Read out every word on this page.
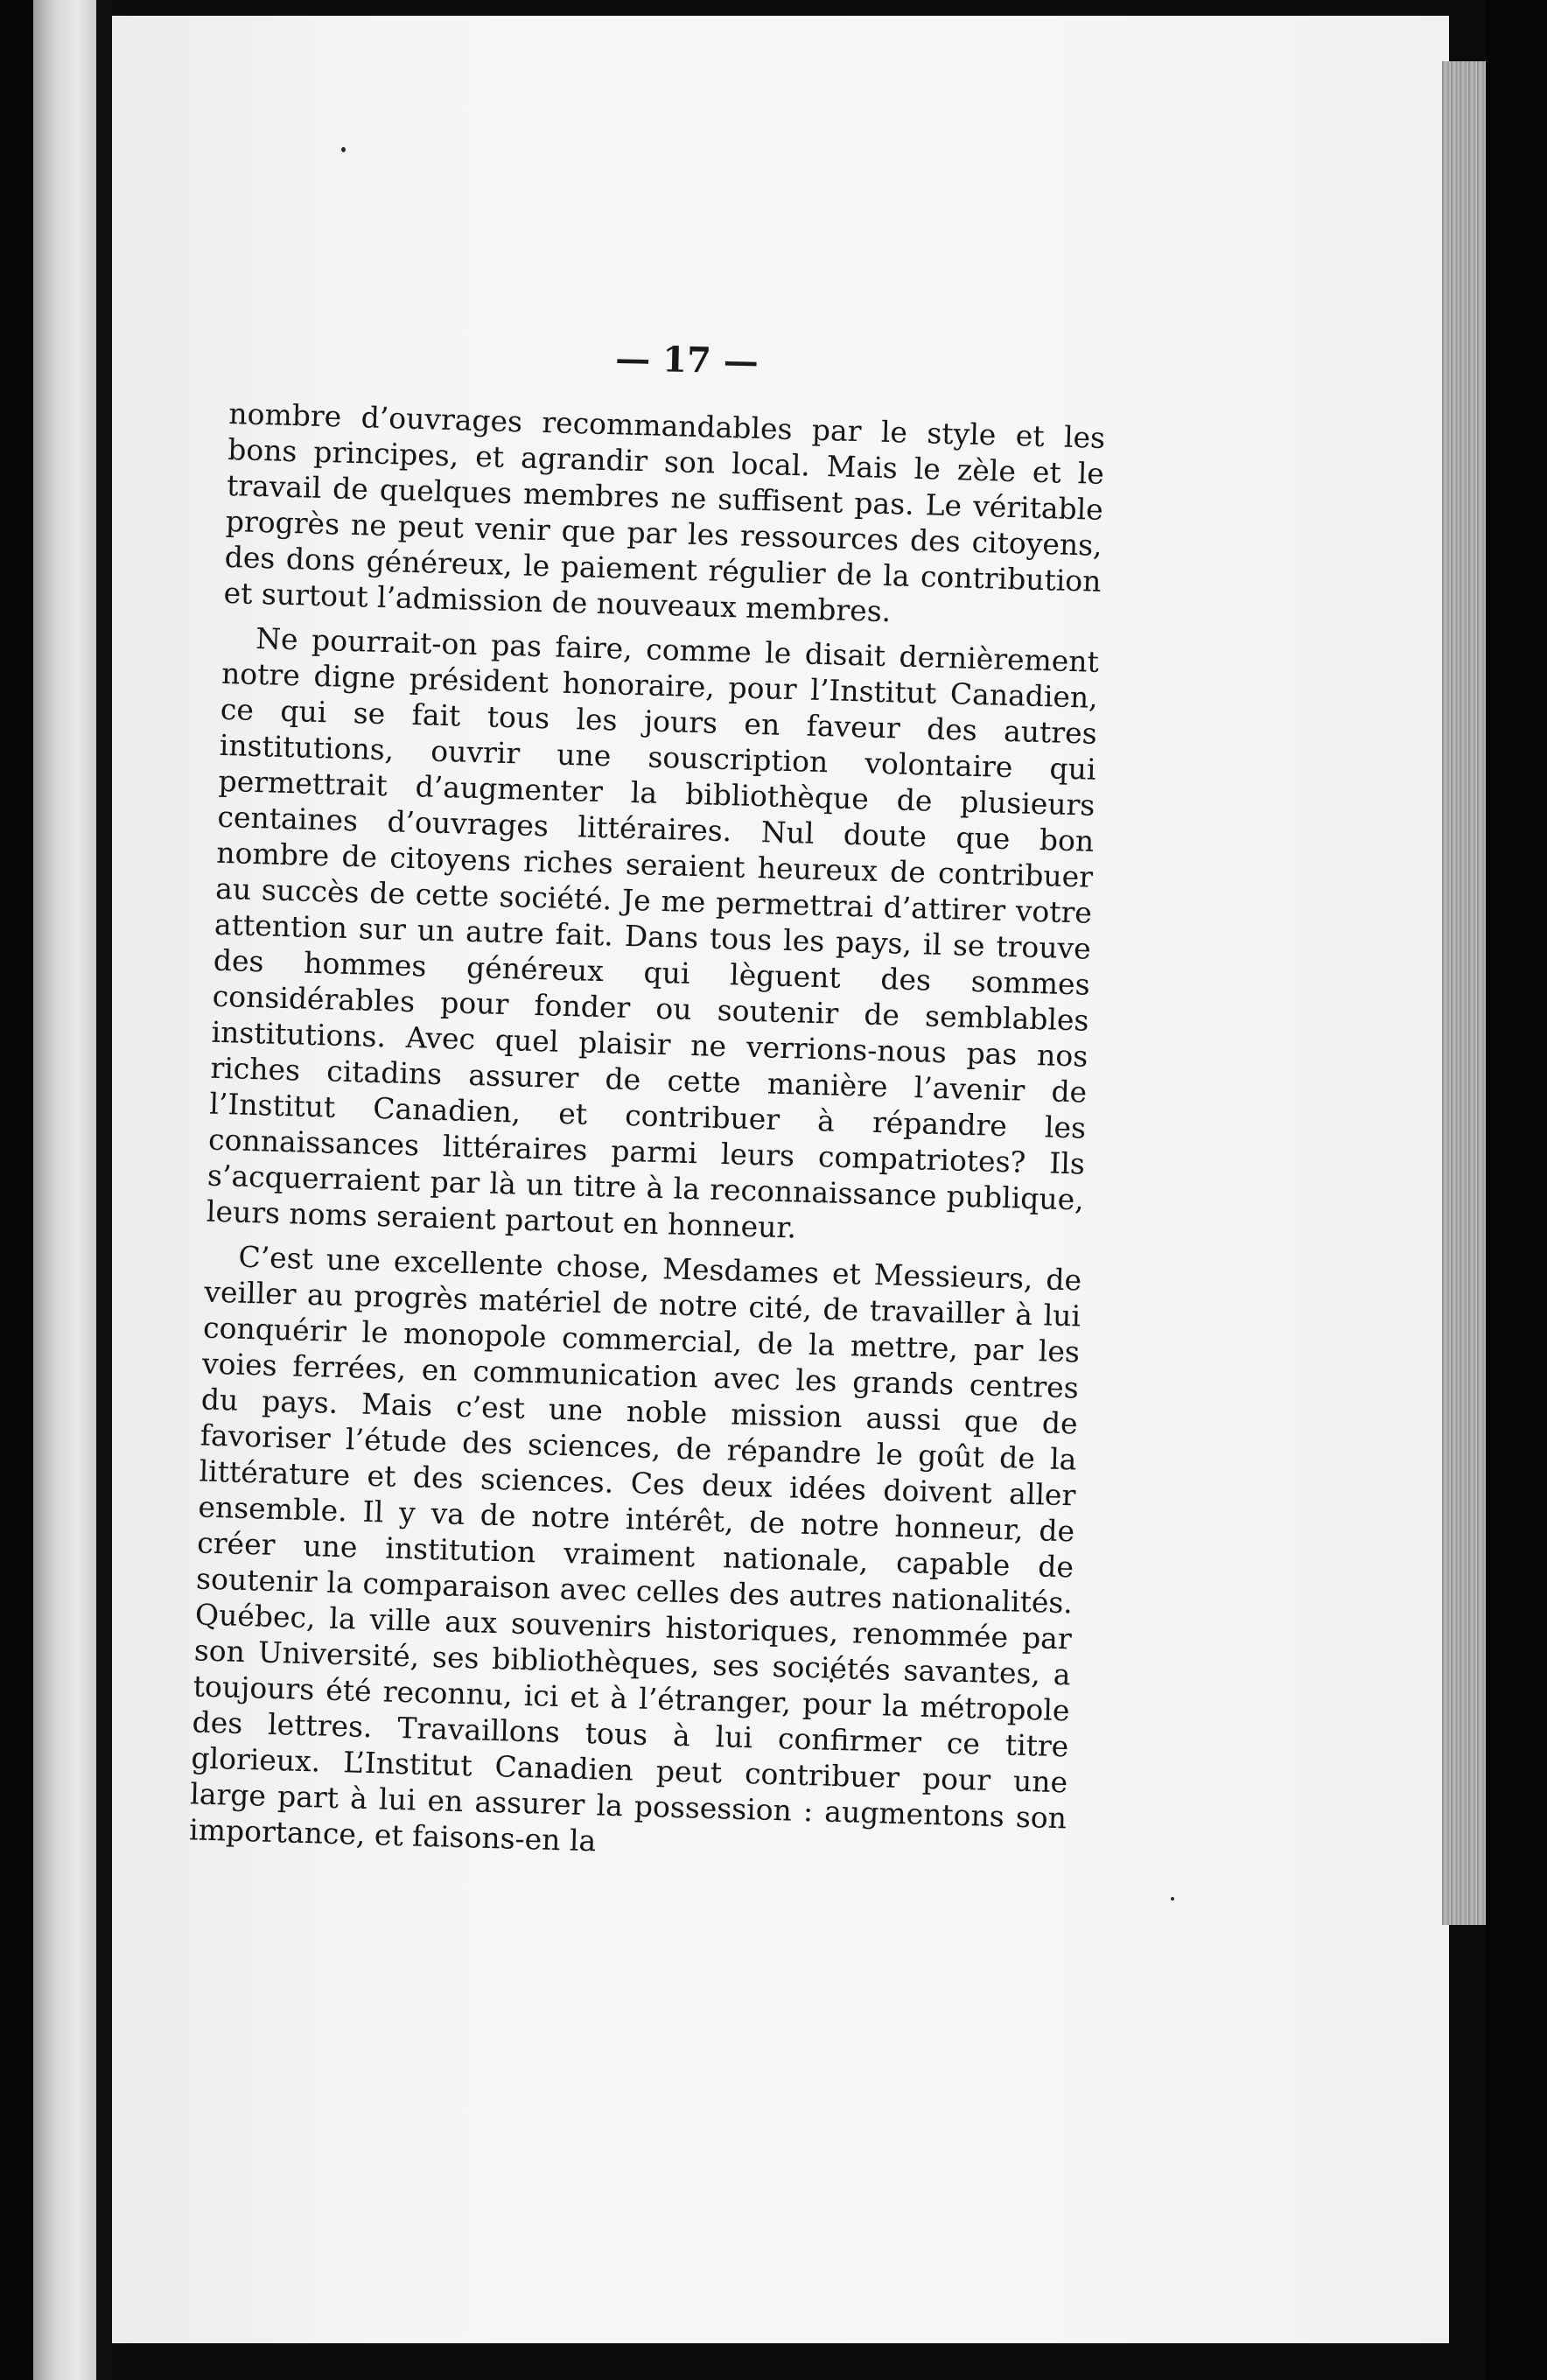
— 17 —

nombre d’ouvrages recommandables par le style et les bons principes, et agrandir son local. Mais le zèle et le travail de quelques membres ne suffisent pas. Le véritable progrès ne peut venir que par les ressources des citoyens, des dons généreux, le paiement régulier de la contribution et surtout l’admission de nouveaux membres.

Ne pourrait-on pas faire, comme le disait dernièrement notre digne président honoraire, pour l’Institut Canadien, ce qui se fait tous les jours en faveur des autres institutions, ouvrir une souscription volontaire qui permettrait d’augmenter la bibliothèque de plusieurs centaines d’ouvrages littéraires. Nul doute que bon nombre de citoyens riches seraient heureux de contribuer au succès de cette société. Je me permettrai d’attirer votre attention sur un autre fait. Dans tous les pays, il se trouve des hommes généreux qui lèguent des sommes considérables pour fonder ou soutenir de semblables institutions. Avec quel plaisir ne verrions-nous pas nos riches citadins assurer de cette manière l’avenir de l’Institut Canadien, et contribuer à répandre les connaissances littéraires parmi leurs compatriotes? Ils s’acquerraient par là un titre à la reconnaissance publique, leurs noms seraient partout en honneur.

C’est une excellente chose, Mesdames et Messieurs, de veiller au progrès matériel de notre cité, de travailler à lui conquérir le monopole commercial, de la mettre, par les voies ferrées, en communication avec les grands centres du pays. Mais c’est une noble mission aussi que de favoriser l’étude des sciences, de répandre le goût de la littérature et des sciences. Ces deux idées doivent aller ensemble. Il y va de notre intérêt, de notre honneur, de créer une institution vraiment nationale, capable de soutenir la comparaison avec celles des autres nationalités. Québec, la ville aux souvenirs historiques, renommée par son Université, ses bibliothèques, ses sociétés savantes, a toujours été reconnu, ici et à l’étranger, pour la métropole des lettres. Travaillons tous à lui confirmer ce titre glorieux. L’Institut Canadien peut contribuer pour une large part à lui en assurer la possession : augmentons son importance, et faisons-en la
